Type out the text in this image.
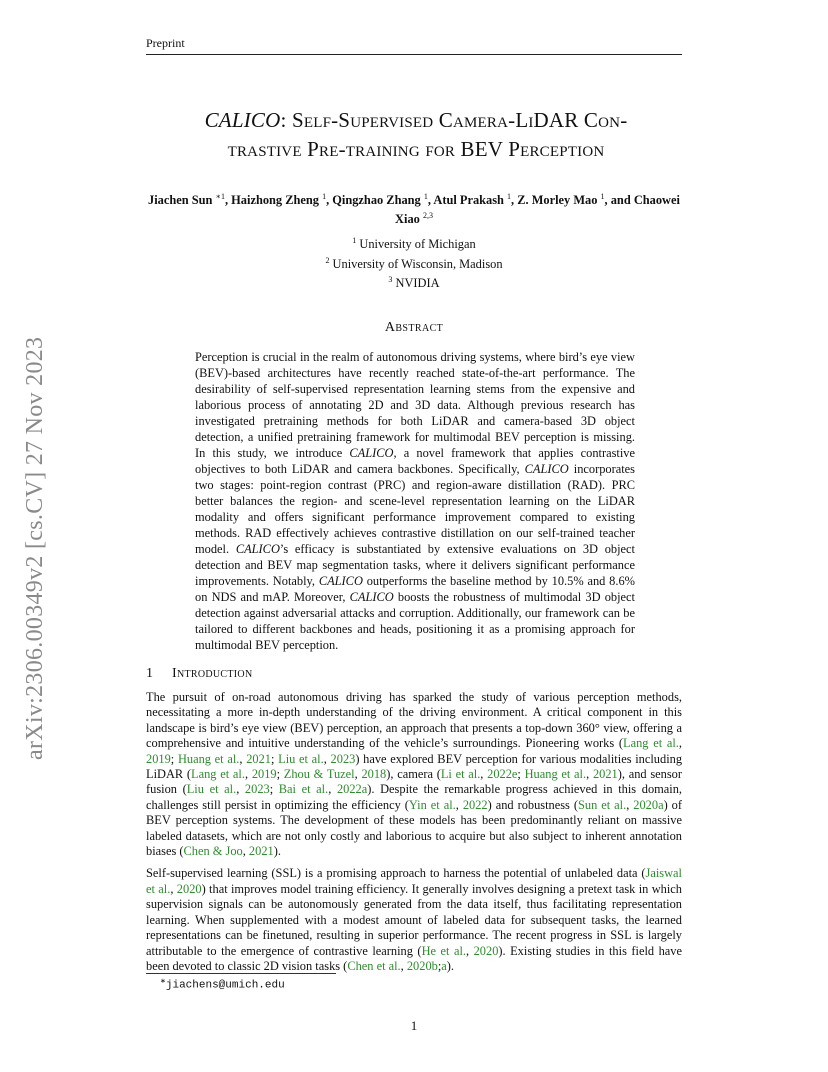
Preprint
arXiv:2306.00349v2 [cs.CV] 27 Nov 2023
CALICO: Self-Supervised Camera-LiDAR Con-
trastive Pre-training for BEV Perception
Jiachen Sun $^{∗1}$, Haizhong Zheng $^1$, Qingzhao Zhang $^1$, Atul Prakash $^1$, Z. Morley Mao $^1$, and Chaowei Xiao $^{2,3}$
$^1$ University of Michigan
$^2$ University of Wisconsin, Madison
$^3$ NVIDIA
Abstract
Perception is crucial in the realm of autonomous driving systems, where bird’s eye view (BEV)-based architectures have recently reached state-of-the-art performance. The desirability of self-supervised representation learning stems from the expensive and laborious process of annotating 2D and 3D data. Although previous research has investigated pretraining methods for both LiDAR and camera-based 3D object detection, a unified pretraining framework for multimodal BEV perception is missing. In this study, we introduce CALICO, a novel framework that applies contrastive objectives to both LiDAR and camera backbones. Specifically, CALICO incorporates two stages: point-region contrast (PRC) and region-aware distillation (RAD). PRC better balances the region- and scene-level representation learning on the LiDAR modality and offers significant performance improvement compared to existing methods. RAD effectively achieves contrastive distillation on our self-trained teacher model. CALICO’s efficacy is substantiated by extensive evaluations on 3D object detection and BEV map segmentation tasks, where it delivers significant performance improvements. Notably, CALICO outperforms the baseline method by 10.5% and 8.6% on NDS and mAP. Moreover, CALICO boosts the robustness of multimodal 3D object detection against adversarial attacks and corruption. Additionally, our framework can be tailored to different backbones and heads, positioning it as a promising approach for multimodal BEV perception.
1 Introduction

The pursuit of on-road autonomous driving has sparked the study of various perception methods, necessitating a more in-depth understanding of the driving environment. A critical component in this landscape is bird’s eye view (BEV) perception, an approach that presents a top-down 360° view, offering a comprehensive and intuitive understanding of the vehicle’s surroundings. Pioneering works (Lang et al., 2019; Huang et al., 2021; Liu et al., 2023) have explored BEV perception for various modalities including LiDAR (Lang et al., 2019; Zhou & Tuzel, 2018), camera (Li et al., 2022e; Huang et al., 2021), and sensor fusion (Liu et al., 2023; Bai et al., 2022a). Despite the remarkable progress achieved in this domain, challenges still persist in optimizing the efficiency (Yin et al., 2022) and robustness (Sun et al., 2020a) of BEV perception systems. The development of these models has been predominantly reliant on massive labeled datasets, which are not only costly and laborious to acquire but also subject to inherent annotation biases (Chen & Joo, 2021).

Self-supervised learning (SSL) is a promising approach to harness the potential of unlabeled data (Jaiswal et al., 2020) that improves model training efficiency. It generally involves designing a pretext task in which supervision signals can be autonomously generated from the data itself, thus facilitating representation learning. When supplemented with a modest amount of labeled data for subsequent tasks, the learned representations can be finetuned, resulting in superior performance. The recent progress in SSL is largely attributable to the emergence of contrastive learning (He et al., 2020). Existing studies in this field have been devoted to classic 2D vision tasks (Chen et al., 2020b;a).

∗jiachens@umich.edu
1
